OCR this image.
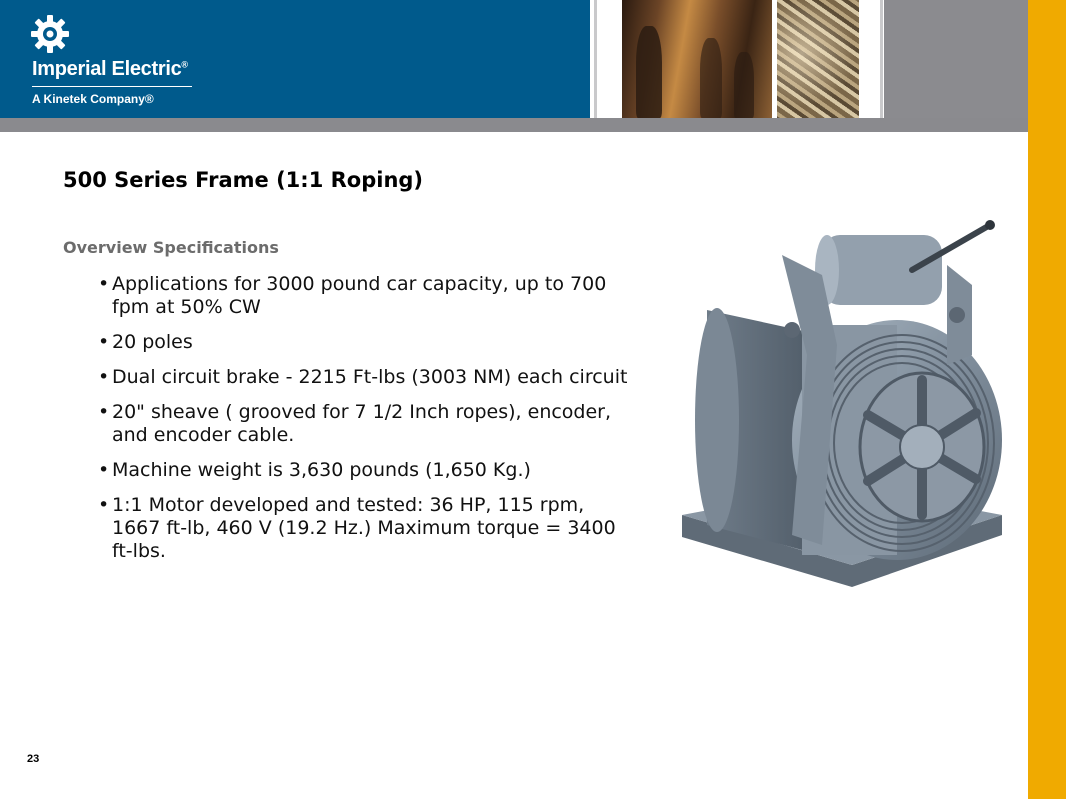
Imperial Electric®
A Kinetek Company®
500 Series Frame (1:1 Roping)
Overview Specifications
• Applications for 3000 pound car capacity, up to 700 fpm at 50% CW
• 20 poles
• Dual circuit brake - 2215 Ft-lbs (3003 NM) each circuit
• 20" sheave ( grooved for 7 1/2 Inch ropes), encoder, and encoder cable.
• Machine weight is 3,630 pounds (1,650 Kg.)
• 1:1 Motor developed and tested: 36 HP, 115 rpm, 1667 ft-lb, 460 V (19.2 Hz.) Maximum torque = 3400 ft-lbs.
23
